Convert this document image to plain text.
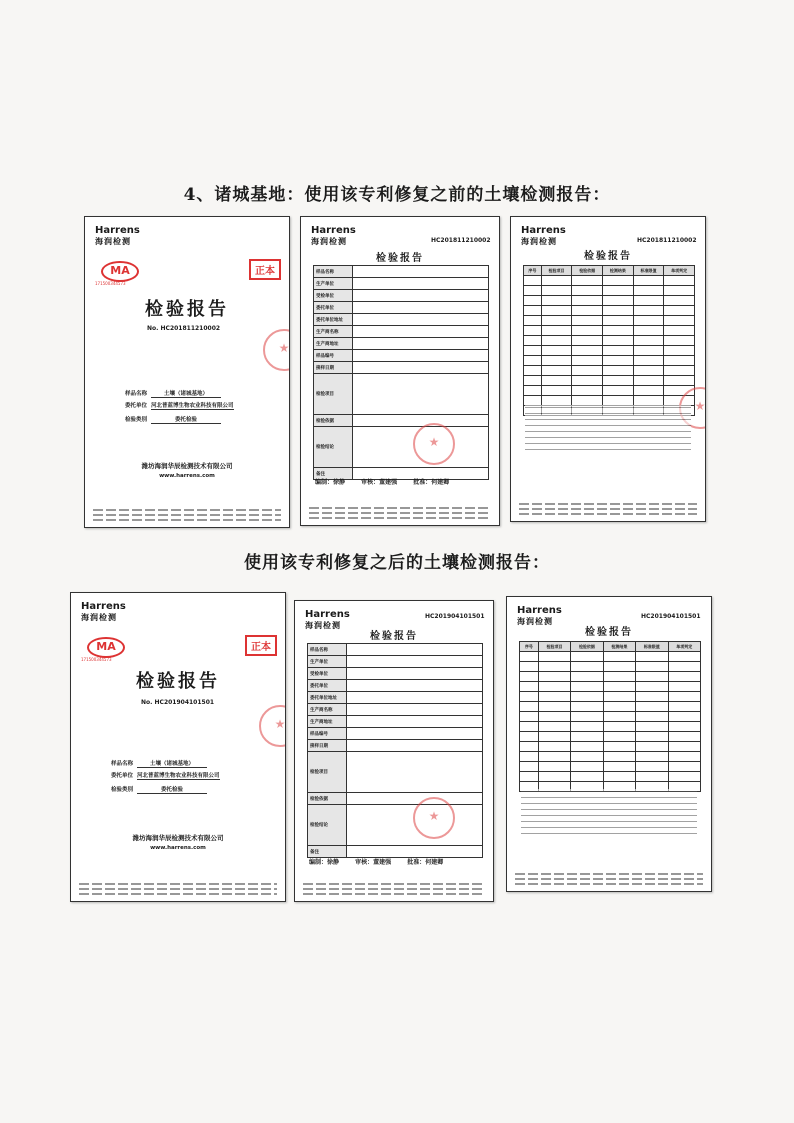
4、诸城基地：使用该专利修复之前的土壤检测报告：
使用该专利修复之后的土壤检测报告：
Harrens
海润检测
MA
171500344573
正本
检验报告
No. HC201811210002
样品名称	土壤（诸城基地）
委托单位 河北普蓝博生物农业科技有限公司
检验类别	委托检验
潍坊海润华辰检测技术有限公司
www.harrens.com
★
Harrens
海润检测	HC201811210002
检验报告
样品名称	
生产单位	
受检单位	
委托单位	
委托单位地址	
生产商名称	
生产商地址	
样品编号	
接样日期	
检验项目	
检验依据	
检验结论	
备注	
★
编制：徐静	审核：董建强	批准：何建卿
Harrens
海润检测	HC201811210002
检验报告
序号	检验项目	检验依据	检测结果	标准限值	单项判定

★
Harrens
海润检测
MA
171500344573
正本
检验报告
No. HC201904101501
样品名称	土壤（诸城基地）
委托单位 河北普蓝博生物农业科技有限公司
检验类别	委托检验
潍坊海润华辰检测技术有限公司
www.harrens.com
★
Harrens
海润检测
HC201904101501
检验报告
样品名称	
生产单位	
受检单位	
委托单位	
委托单位地址	
生产商名称	
生产商地址	
样品编号	
接样日期	
检验项目	
检验依据	
检验结论	
备注	
★
编制：徐静	审核：董建强	批准：何建卿
Harrens
海润检测
HC201904101501
检验报告
序号	检验项目	检验依据	检测结果	标准限值	单项判定
